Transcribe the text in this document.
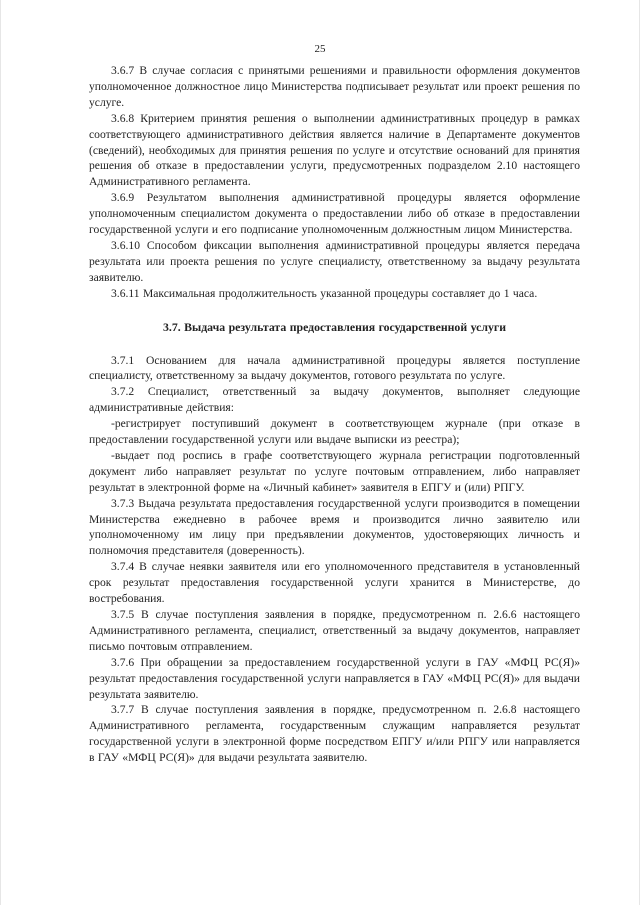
25

3.6.7 В случае согласия с принятыми решениями и правильности оформления документов уполномоченное должностное лицо Министерства подписывает результат или проект решения по услуге.

3.6.8 Критерием принятия решения о выполнении административных процедур в рамках соответствующего административного действия является наличие в Департаменте документов (сведений), необходимых для принятия решения по услуге и отсутствие оснований для принятия решения об отказе в предоставлении услуги, предусмотренных подразделом 2.10 настоящего Административного регламента.

3.6.9 Результатом выполнения административной процедуры является оформление уполномоченным специалистом документа о предоставлении либо об отказе в предоставлении государственной услуги и его подписание уполномоченным должностным лицом Министерства.

3.6.10 Способом фиксации выполнения административной процедуры является передача результата или проекта решения по услуге специалисту, ответственному за выдачу результата заявителю.

3.6.11 Максимальная продолжительность указанной процедуры составляет до 1 часа.

3.7. Выдача результата предоставления государственной услуги

3.7.1 Основанием для начала административной процедуры является поступление специалисту, ответственному за выдачу документов, готового результата по услуге.

3.7.2 Специалист, ответственный за выдачу документов, выполняет следующие административные действия:

-регистрирует поступивший документ в соответствующем журнале (при отказе в предоставлении государственной услуги или выдаче выписки из реестра);

-выдает под роспись в графе соответствующего журнала регистрации подготовленный документ либо направляет результат по услуге почтовым отправлением, либо направляет результат в электронной форме на «Личный кабинет» заявителя в ЕПГУ и (или) РПГУ.

3.7.3 Выдача результата предоставления государственной услуги производится в помещении Министерства ежедневно в рабочее время и производится лично заявителю или уполномоченному им лицу при предъявлении документов, удостоверяющих личность и полномочия представителя (доверенность).

3.7.4 В случае неявки заявителя или его уполномоченного представителя в установленный срок результат предоставления государственной услуги хранится в Министерстве, до востребования.

3.7.5 В случае поступления заявления в порядке, предусмотренном п. 2.6.6 настоящего Административного регламента, специалист, ответственный за выдачу документов, направляет письмо почтовым отправлением.

3.7.6 При обращении за предоставлением государственной услуги в ГАУ «МФЦ РС(Я)» результат предоставления государственной услуги направляется в ГАУ «МФЦ РС(Я)» для выдачи результата заявителю.

3.7.7 В случае поступления заявления в порядке, предусмотренном п. 2.6.8 настоящего Административного регламента, государственным служащим направляется результат государственной услуги в электронной форме посредством ЕПГУ и/или РПГУ или направляется в ГАУ «МФЦ РС(Я)» для выдачи результата заявителю.
